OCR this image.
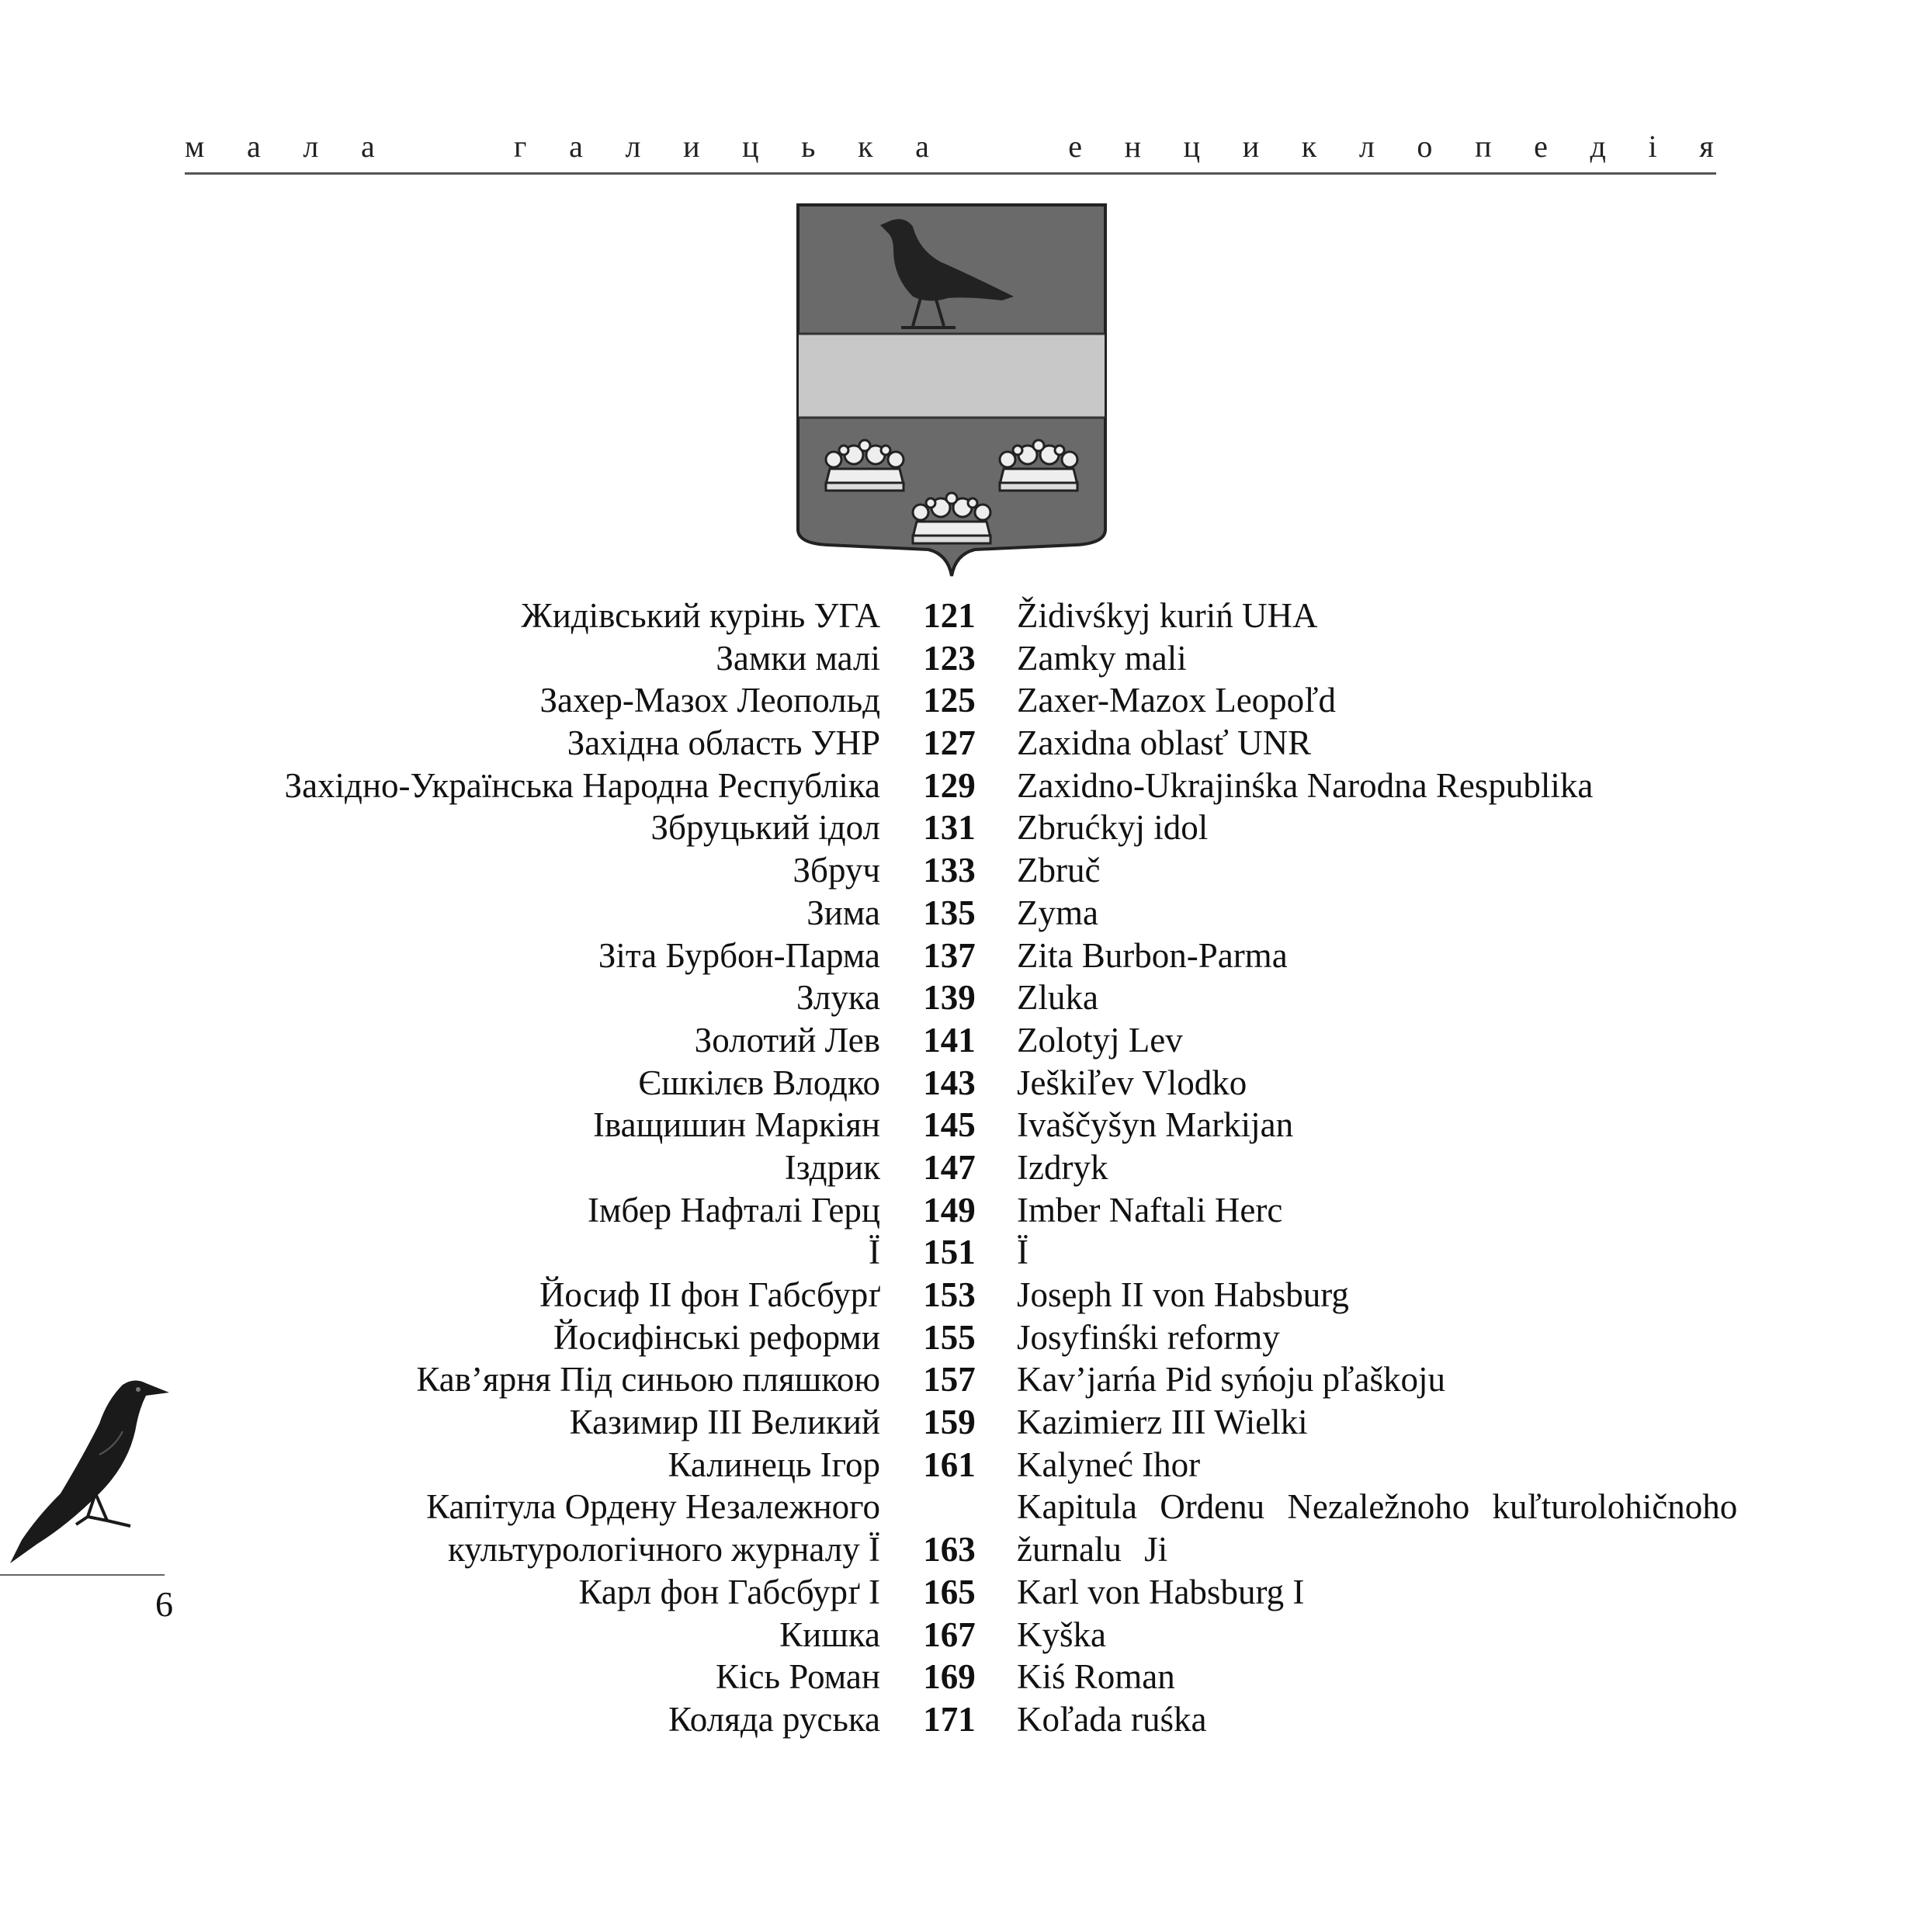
м а л а	г а л и ц ь к а	е н ц и к л о п е д і я
Жидівський курінь УГА 121 Židivśkyj kuriń UHA
Замки малі 123 Zamky mali
Захер-Мазох Леопольд 125 Zaxer-Mazox Leopoľd
Західна область УНР 127 Zaxidna oblasť UNR
Західно-Українська Народна Республіка 129 Zaxidno-Ukrajinśka Narodna Respublika
Збруцький ідол 131 Zbrućkyj idol
Збруч 133 Zbruč
Зима 135 Zyma
Зіта Бурбон-Парма 137 Zita Burbon-Parma
Злука 139 Zluka
Золотий Лев 141 Zolotyj Lev
Єшкілєв Влодко 143 Ješkiľev Vlodko
Іващишин Маркіян 145 Ivaščyšyn Markijan
Іздрик 147 Izdryk
Імбер Нафталі Герц 149 Imber Naftali Herc
Ї 151 Ï
Йосиф ІІ фон Габсбурґ 153 Joseph II von Habsburg
Йосифінські реформи 155 Josyfinśki reformy
Кав’ярня Під синьою пляшкою 157 Kav’jarńa Pid syńoju pľaškoju
Казимир ІІІ Великий 159 Kazimierz III Wielki
Калинець Ігор 161 Kalyneć Ihor
Капітула Ордену Незалежного
культурологічного журналу Ї 163
Kapitula Ordenu Nezaležnoho kuľturolohičnoho
žurnalu Ji
Карл фон Габсбурґ І 165 Karl von Habsburg I
Кишка 167 Kyška
Кісь Роман 169 Kiś Roman
Коляда руська 171 Koľada ruśka
6
